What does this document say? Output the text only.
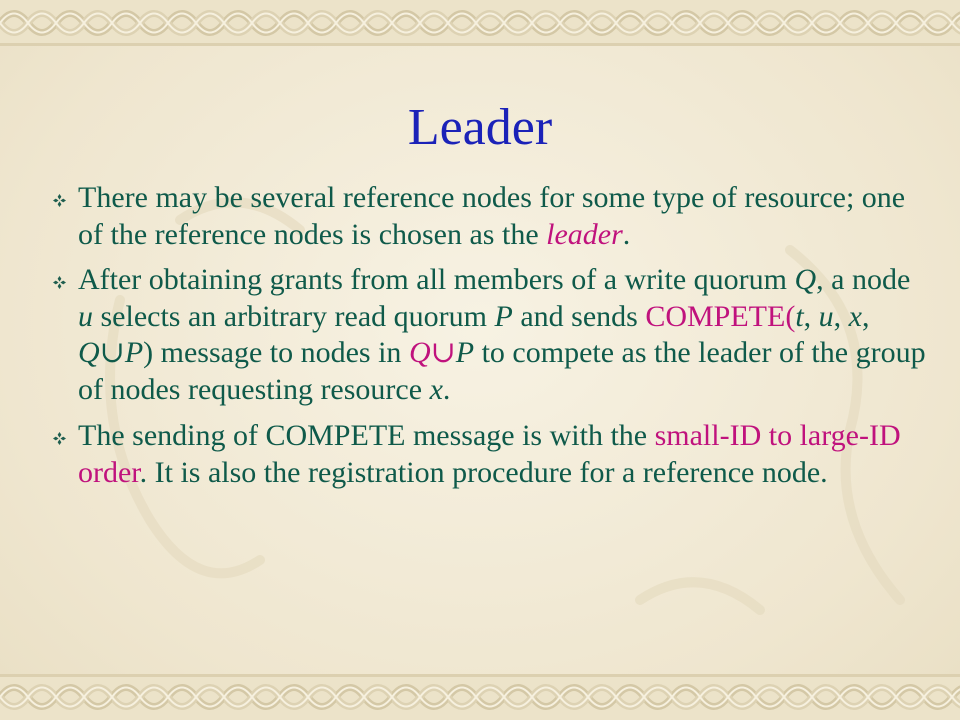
Leader
There may be several reference nodes for some type of resource; one of the reference nodes is chosen as the leader.
After obtaining grants from all members of a write quorum Q, a node u selects an arbitrary read quorum P and sends COMPETE(t, u, x, Q∪P) message to nodes in Q∪P to compete as the leader of the group of nodes requesting resource x.
The sending of COMPETE message is with the small-ID to large-ID order. It is also the registration procedure for a reference node.
